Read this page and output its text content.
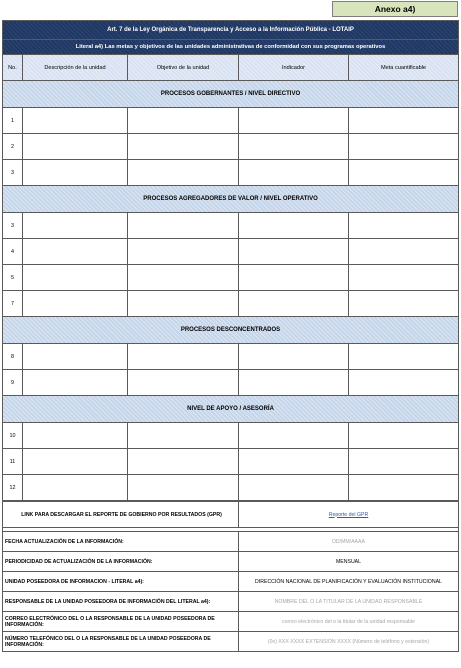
Anexo a4)
Art. 7 de la Ley Orgánica de Transparencia y Acceso a la Información Pública - LOTAIP				
Literal a4) Las metas y objetivos de las unidades administrativas de conformidad con sus programas operativos				
No.	Descripción de la unidad	Objetivo de la unidad	Indicador	Meta cuantificable
PROCESOS GOBERNANTES / NIVEL DIRECTIVO				
1				
2				
3				
PROCESOS AGREGADORES DE VALOR / NIVEL OPERATIVO				
3				
4				
5				
7				
PROCESOS DESCONCENTRADOS				
8				
9				
NIVEL DE APOYO / ASESORÍA				
10				
11				
12				
LINK PARA DESCARGAR EL REPORTE DE GOBIERNO POR RESULTADOS (GPR)	Reporte del GPR

FECHA ACTUALIZACIÓN DE LA INFORMACIÓN:	DD/MM/AAAA
PERIODICIDAD DE ACTUALIZACIÓN DE LA INFORMACIÓN:	MENSUAL
UNIDAD POSEEDORA DE INFORMACION - LITERAL a4):	DIRECCIÓN NACIONAL DE PLANIFICACIÓN Y EVALUACIÓN INSTITUCIONAL
RESPONSABLE DE LA UNIDAD POSEEDORA DE INFORMACIÓN DEL LITERAL a4):	NOMBRE DEL O LA TITULAR DE LA UNIDAD RESPONSABLE
CORREO ELECTRÓNICO DEL O LA RESPONSABLE DE LA UNIDAD POSEEDORA DE INFORMACIÓN:	correo electrónico del o la titular de la unidad responsable
NÚMERO TELEFÓNICO DEL O LA RESPONSABLE DE LA UNIDAD POSEEDORA DE INFORMACIÓN:	(0x) XXX-XXXX EXTENSIÓN XXXX (Número de teléfono y extensión)
